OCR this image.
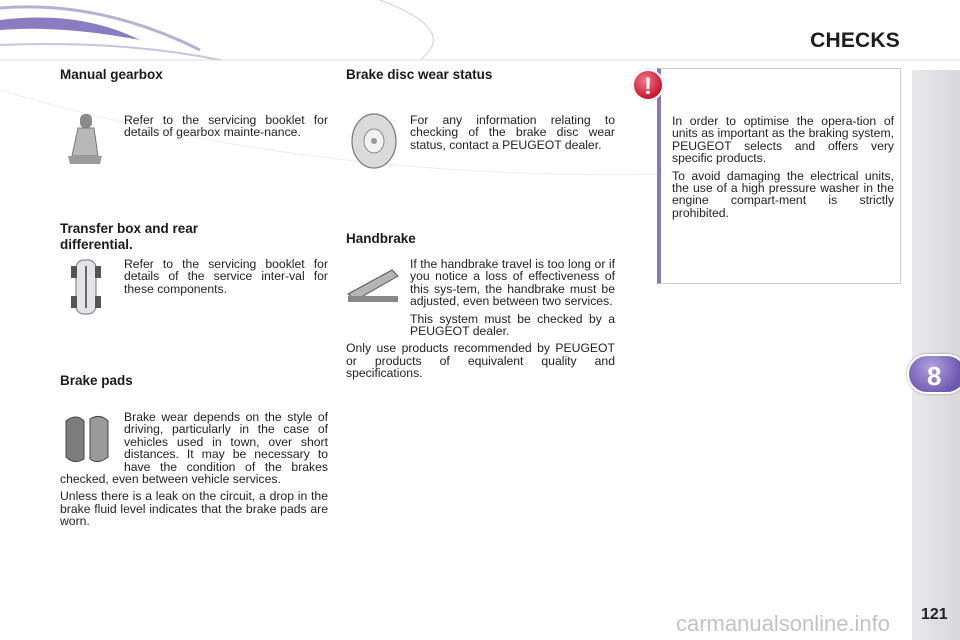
CHECKS
8
121
Manual gearbox
Refer to the servicing booklet for details of gearbox mainte-nance.
Transfer box and rear differential.
Refer to the servicing booklet for details of the service inter-val for these components.
Brake pads

Brake wear depends on the style of driving, particularly in the case of vehicles used in town, over short distances. It may be necessary to have the condition of the brakes checked, even between vehicle services.

Unless there is a leak on the circuit, a drop in the brake fluid level indicates that the brake pads are worn.

Brake disc wear status
For any information relating to checking of the brake disc wear status, contact a PEUGEOT dealer.
Handbrake

If the handbrake travel is too long or if you notice a loss of effectiveness of this sys-tem, the handbrake must be adjusted, even between two services.

This system must be checked by a PEUGEOT dealer.

Only use products recommended by PEUGEOT or products of equivalent quality and specifications.

!

In order to optimise the opera-tion of units as important as the braking system, PEUGEOT selects and offers very specific products.

To avoid damaging the electrical units, the use of a high pressure washer in the engine compart-ment is strictly prohibited.

carmanualsonline.info
